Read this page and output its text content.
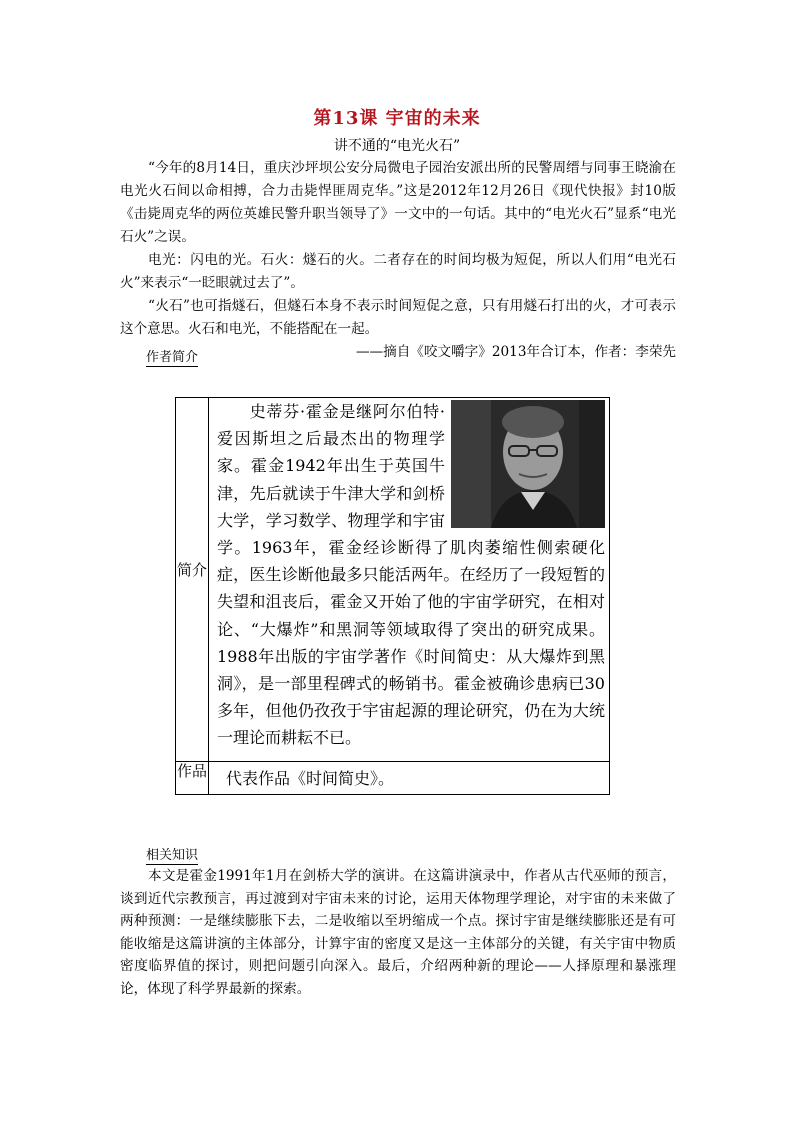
第13课 宇宙的未来
讲不通的“电光火石”

“今年的8月14日，重庆沙坪坝公安分局微电子园治安派出所的民警周缙与同事王晓渝在电光火石间以命相搏，合力击毙悍匪周克华。”这是2012年12月26日《现代快报》封10版《击毙周克华的两位英雄民警升职当领导了》一文中的一句话。其中的“电光火石”显系“电光石火”之误。

电光：闪电的光。石火：燧石的火。二者存在的时间均极为短促，所以人们用“电光石火”来表示“一眨眼就过去了”。

“火石”也可指燧石，但燧石本身不表示时间短促之意，只有用燧石打出的火，才可表示这个意思。火石和电光，不能搭配在一起。

——摘自《咬文嚼字》2013年合订本，作者：李荣先

作者简介
简介
史蒂芬·霍金是继阿尔伯特·爱因斯坦之后最杰出的物理学家。霍金1942年出生于英国牛津，先后就读于牛津大学和剑桥大学，学习数学、物理学和宇宙学。1963年，霍金经诊断得了肌肉萎缩性侧索硬化症，医生诊断他最多只能活两年。在经历了一段短暂的失望和沮丧后，霍金又开始了他的宇宙学研究，在相对论、“大爆炸”和黑洞等领域取得了突出的研究成果。1988年出版的宇宙学著作《时间简史：从大爆炸到黑洞》，是一部里程碑式的畅销书。霍金被确诊患病已30多年，但他仍孜孜于宇宙起源的理论研究，仍在为大统一理论而耕耘不已。
作品 代表作品《时间简史》。
相关知识

本文是霍金1991年1月在剑桥大学的演讲。在这篇讲演录中，作者从古代巫师的预言，谈到近代宗教预言，再过渡到对宇宙未来的讨论，运用天体物理学理论，对宇宙的未来做了两种预测：一是继续膨胀下去，二是收缩以至坍缩成一个点。探讨宇宙是继续膨胀还是有可能收缩是这篇讲演的主体部分，计算宇宙的密度又是这一主体部分的关键，有关宇宙中物质密度临界值的探讨，则把问题引向深入。最后，介绍两种新的理论——人择原理和暴涨理论，体现了科学界最新的探索。
